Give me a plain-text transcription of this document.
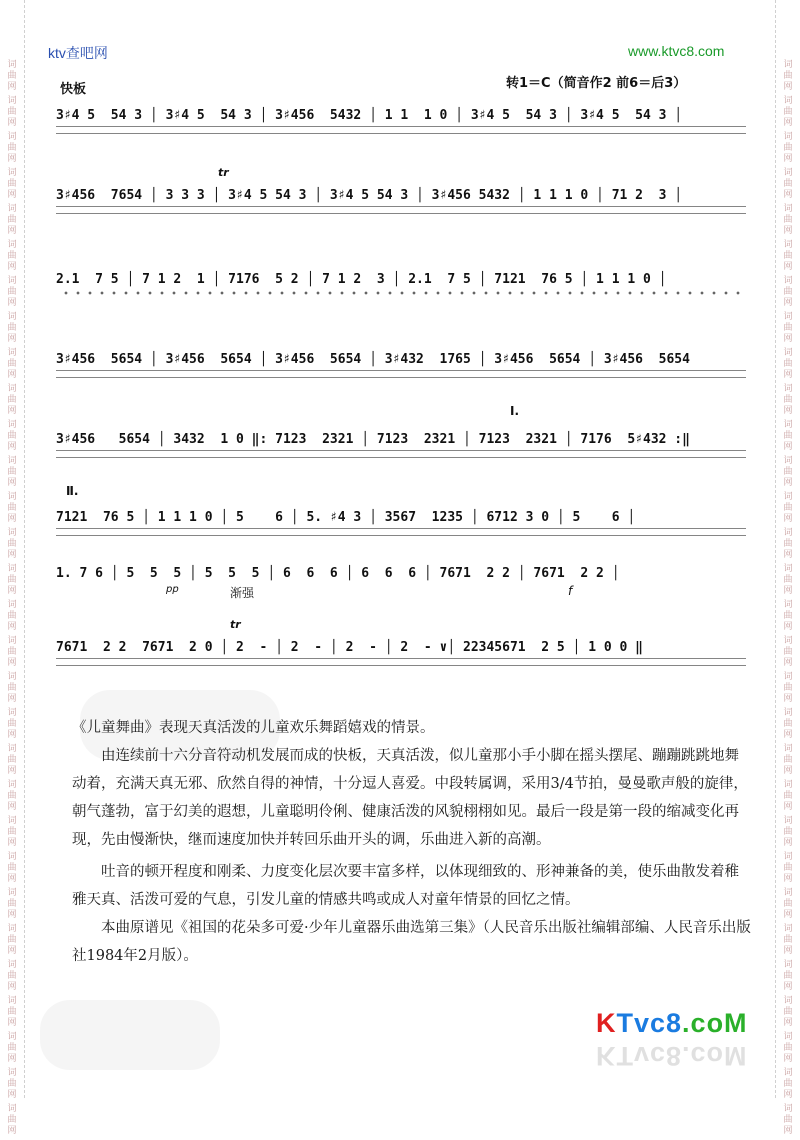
词
曲
网
词
曲
网
词
曲
网
词
曲
网
词
曲
网
词
曲
网
词
曲
网
词
曲
网
词
曲
网
词
曲
网
词
曲
网
词
曲
网
词
曲
网
词
曲
网
词
曲
网
词
曲
网
词
曲
网
词
曲
网
词
曲
网
词
曲
网
词
曲
网
词
曲
网
词
曲
网
词
曲
网
词
曲
网
词
曲
网
词
曲
网
词
曲
网
词
曲
网
词
曲
网
词
曲
网
词
曲
网
词
曲
网
词
曲
网
词
曲
网
词
曲
网
词
曲
网
词
曲
网
词
曲
网
词
曲
网
词
曲
网
词
曲
网
词
曲
网
词
曲
网
词
曲
网
词
曲
网
词
曲
网
词
曲
网
词
曲
网
词
曲
网
词
曲
网
词
曲
网
词
曲
网
词
曲
网
词
曲
网
词
曲
网
词
曲
网
词
曲
网
词
曲
网
词
曲
网
ktv查吧网	www.ktvc8.com
快板	转1＝C（简音作2 前6＝后3）
3♯4 5  54 3 │ 3♯4 5  54 3 │ 3♯456  5432 │ 1 1  1 0 │ 3♯4 5  54 3 │ 3♯4 5  54 3 │
3♯456  7654 │ 3 3 3 │ 3♯4 5 54 3 │ 3♯4 5 54 3 │ 3♯456 5432 │ 1 1 1 0 │ 71 2  3 │
tr
2.1  7 5 │ 7 1 2  1 │ 7176  5 2 │ 7 1 2  3 │ 2.1  7 5 │ 7121  76 5 │ 1 1 1 0 │
3♯456  5654 │ 3♯456  5654 │ 3♯456  5654 │ 3♯432  1765 │ 3♯456  5654 │ 3♯456  5654
Ⅰ.
3♯456   5654 │ 3432  1 0 ‖: 7123  2321 │ 7123  2321 │ 7123  2321 │ 7176  5♯432 :‖
Ⅱ.
7121  76 5 │ 1 1 1 0 │ 5    6 │ 5. ♯4 3 │ 3567  1235 │ 6712 3 0 │ 5    6 │
1. 7 6 │ 5  5  5 │ 5  5  5 │ 6  6  6 │ 6  6  6 │ 7671  2 2 │ 7671  2 2 │
pp	渐强	f
tr
7671  2 2  7671  2 0 │ 2  - │ 2  - │ 2  - │ 2  - ∨│ 22345671  2 5 │ 1 0 0 ‖

《儿童舞曲》表现天真活泼的儿童欢乐舞蹈嬉戏的情景。

由连续前十六分音符动机发展而成的快板，天真活泼，似儿童那小手小脚在摇头摆尾、蹦蹦跳跳地舞动着，充满天真无邪、欣然自得的神情，十分逗人喜爱。中段转属调，采用3/4节拍，曼曼歌声般的旋律，朝气蓬勃，富于幻美的遐想，儿童聪明伶俐、健康活泼的风貌栩栩如见。最后一段是第一段的缩减变化再现，先由慢渐快，继而速度加快并转回乐曲开头的调，乐曲进入新的高潮。

吐音的顿开程度和刚柔、力度变化层次要丰富多样，以体现细致的、形神兼备的美，使乐曲散发着稚雅天真、活泼可爱的气息，引发儿童的情感共鸣或成人对童年情景的回忆之情。

本曲原谱见《祖国的花朵多可爱·少年儿童器乐曲选第三集》（人民音乐出版社编辑部编、人民音乐出版社1984年2月版）。

KTvc8.coM
KTvc8.coM
